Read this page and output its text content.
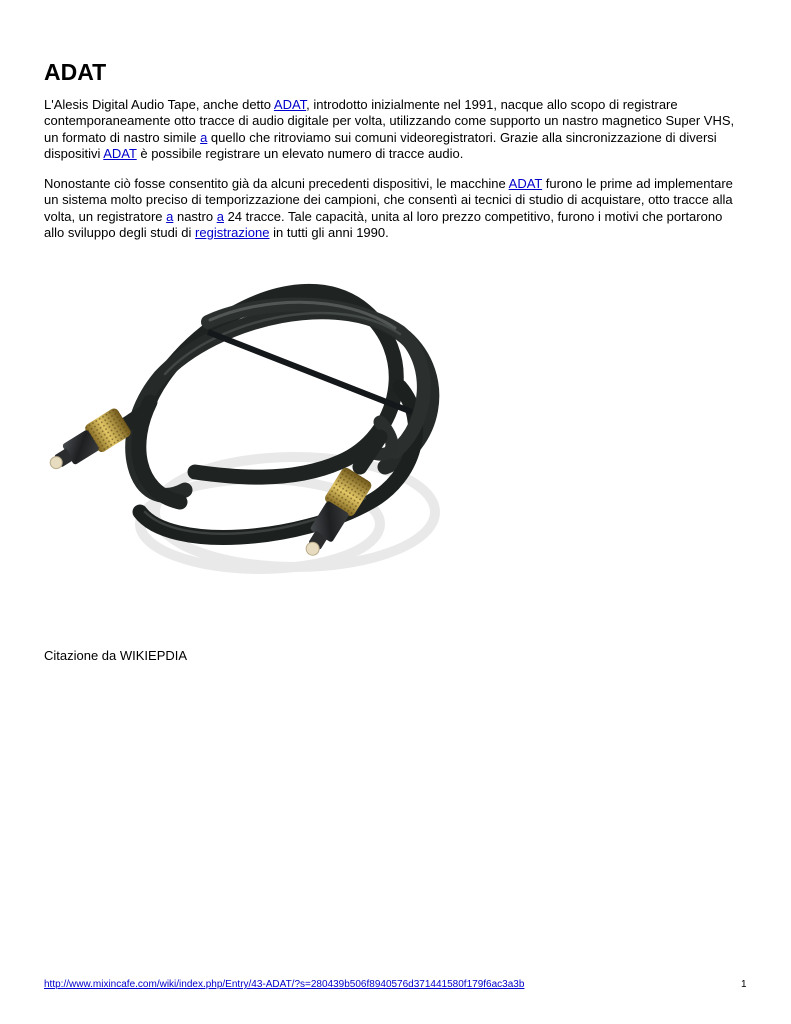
ADAT

L'Alesis Digital Audio Tape, anche detto ADAT, introdotto inizialmente nel 1991, nacque allo scopo di registrare contemporaneamente otto tracce di audio digitale per volta, utilizzando come supporto un nastro magnetico Super VHS, un formato di nastro simile a quello che ritroviamo sui comuni videoregistratori. Grazie alla sincronizzazione di diversi dispositivi ADAT è possibile registrare un elevato numero di tracce audio.

Nonostante ciò fosse consentito già da alcuni precedenti dispositivi, le macchine ADAT furono le prime ad implementare un sistema molto preciso di temporizzazione dei campioni, che consentì ai tecnici di studio di acquistare, otto tracce alla volta, un registratore a nastro a 24 tracce. Tale capacità, unita al loro prezzo competitivo, furono i motivi che portarono allo sviluppo degli studi di registrazione in tutti gli anni 1990.

Citazione da WIKIEPDIA

http://www.mixincafe.com/wiki/index.php/Entry/43-ADAT/?s=280439b506f8940576d371441580f179f6ac3a3b	1
